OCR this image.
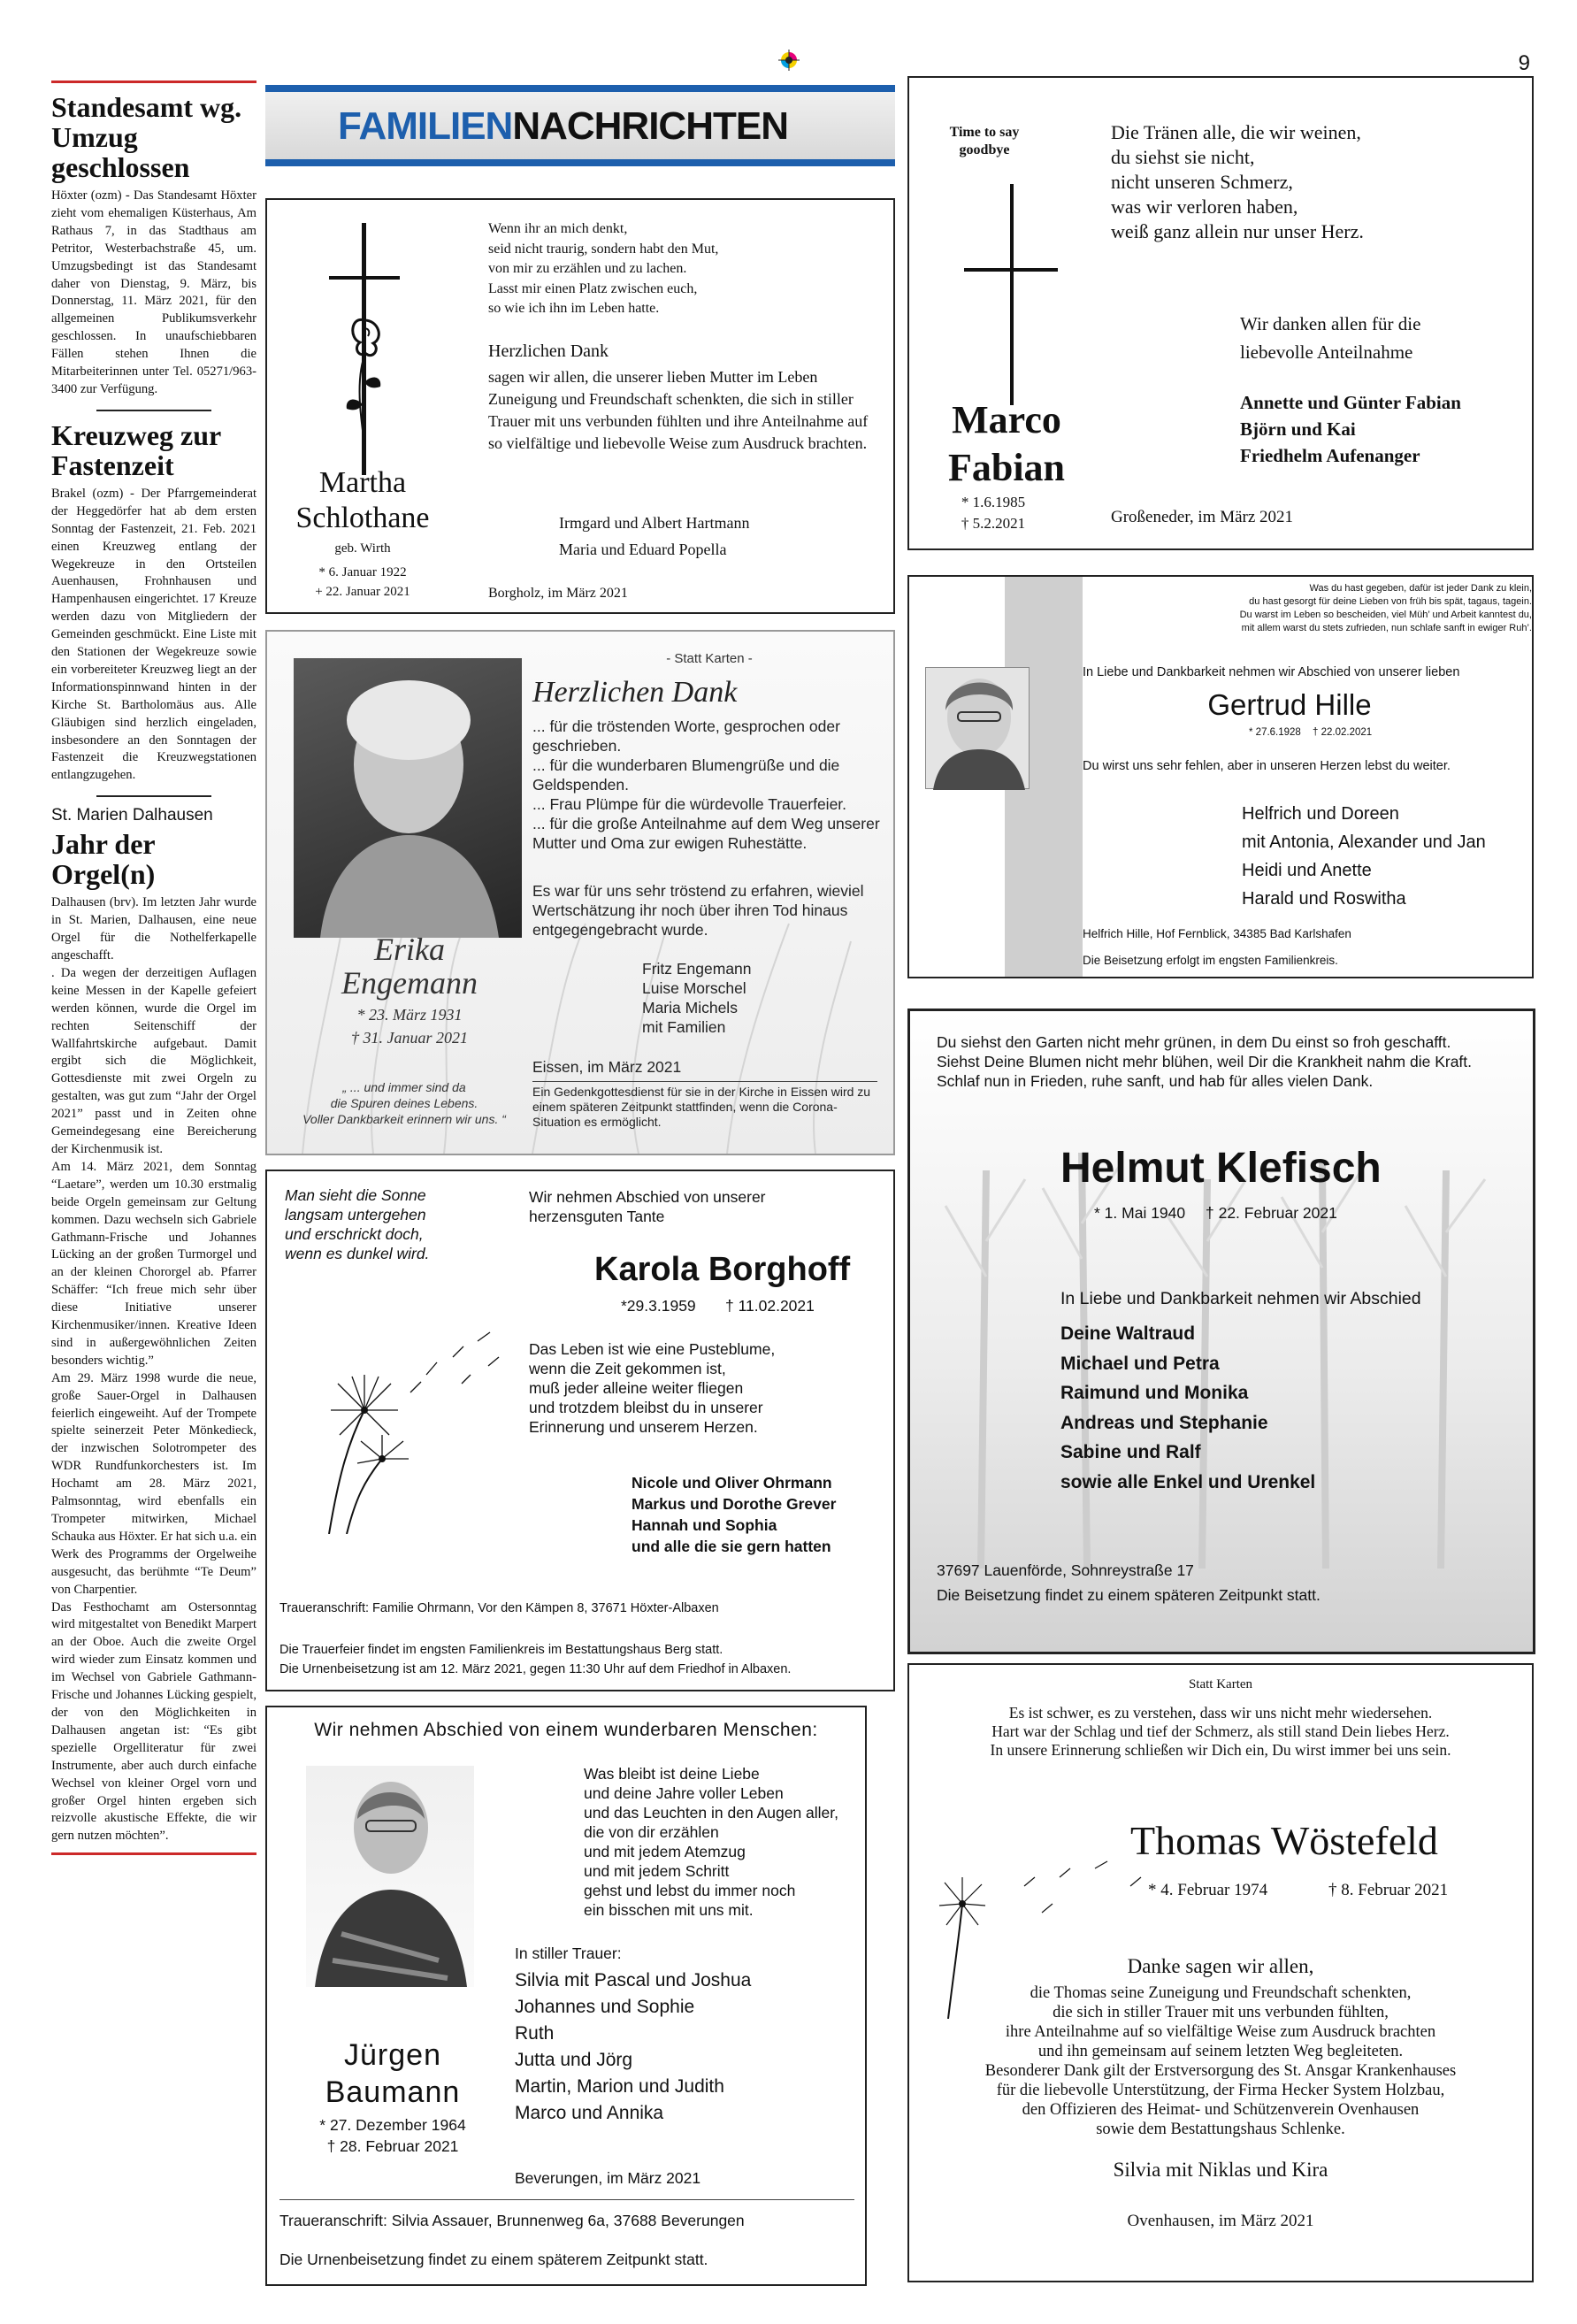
9
Standesamt wg. Umzug geschlossen
Höxter (ozm) - Das Standesamt Höxter zieht vom ehemaligen Küsterhaus, Am Rathaus 7, in das Stadthaus am Petritor, Westerbachstraße 45, um. Umzugsbedingt ist das Standesamt daher von Dienstag, 9. März, bis Donnerstag, 11. März 2021, für den allgemeinen Publikumsverkehr geschlossen. In unaufschiebbaren Fällen stehen Ihnen die Mitarbeiterinnen unter Tel. 05271/963-3400 zur Verfügung.
Kreuzweg zur Fastenzeit
Brakel (ozm) - Der Pfarrgemeinderat der Heggedörfer hat ab dem ersten Sonntag der Fastenzeit, 21. Feb. 2021 einen Kreuzweg entlang der Wegekreuze in den Ortsteilen Auenhausen, Frohnhausen und Hampenhausen eingerichtet. 17 Kreuze werden dazu von Mitgliedern der Gemeinden geschmückt. Eine Liste mit den Stationen der Wegekreuze sowie ein vorbereiteter Kreuzweg liegt an der Informationspinnwand hinten in der Kirche St. Bartholomäus aus. Alle Gläubigen sind herzlich eingeladen, insbesondere an den Sonntagen der Fastenzeit die Kreuzwegstationen entlangzugehen.
St. Marien Dalhausen
Jahr der Orgel(n)
Dalhausen (brv). Im letzten Jahr wurde in St. Marien, Dalhausen, eine neue Orgel für die Nothelferkapelle angeschafft.
. Da wegen der derzeitigen Auflagen keine Messen in der Kapelle gefeiert werden können, wurde die Orgel im rechten Seitenschiff der Wallfahrtskirche aufgebaut. Damit ergibt sich die Möglichkeit, Gottesdienste mit zwei Orgeln zu gestalten, was gut zum “Jahr der Orgel 2021” passt und in Zeiten ohne Gemeindegesang eine Bereicherung der Kirchenmusik ist.
Am 14. März 2021, dem Sonntag “Laetare”, werden um 10.30 erstmalig beide Orgeln gemeinsam zur Geltung kommen. Dazu wechseln sich Gabriele Gathmann-Frische und Johannes Lücking an der großen Turmorgel und an der kleinen Chororgel ab. Pfarrer Schäffer: “Ich freue mich sehr über diese Initiative unserer Kirchenmusiker/innen. Kreative Ideen sind in außergewöhnlichen Zeiten besonders wichtig.”
Am 29. März 1998 wurde die neue, große Sauer-Orgel in Dalhausen feierlich eingeweiht. Auf der Trompete spielte seinerzeit Peter Mönkedieck, der inzwischen Solotrompeter des WDR Rundfunkorchesters ist. Im Hochamt am 28. März 2021, Palmsonntag, wird ebenfalls ein Trompeter mitwirken, Michael Schauka aus Höxter. Er hat sich u.a. ein Werk des Programms der Orgelweihe ausgesucht, das berühmte “Te Deum” von Charpentier.
Das Festhochamt am Ostersonntag wird mitgestaltet von Benedikt Marpert an der Oboe. Auch die zweite Orgel wird wieder zum Einsatz kommen und im Wechsel von Gabriele Gathmann-Frische und Johannes Lücking gespielt, der von den Möglichkeiten in Dalhausen angetan ist: “Es gibt spezielle Orgelliteratur für zwei Instrumente, aber auch durch einfache Wechsel von kleiner Orgel vorn und großer Orgel hinten ergeben sich reizvolle akustische Effekte, die wir gern nutzen möchten”.
FAMILIENNACHRICHTEN
Martha
Schlothane
geb. Wirth
* 6. Januar 1922
+ 22. Januar 2021
Wenn ihr an mich denkt,
seid nicht traurig, sondern habt den Mut,
von mir zu erzählen und zu lachen.
Lasst mir einen Platz zwischen euch,
so wie ich ihn im Leben hatte.
Herzlichen Dank
sagen wir allen, die unserer lieben Mutter im Leben Zuneigung und Freundschaft schenkten, die sich in stiller Trauer mit uns verbunden fühlten und ihre Anteilnahme auf so vielfältige und liebevolle Weise zum Ausdruck brachten.
Irmgard und Albert Hartmann
Maria und Eduard Popella
Borgholz, im März 2021
- Statt Karten -
Herzlichen Dank
... für die tröstenden Worte, gesprochen oder geschrieben.
... für die wunderbaren Blumengrüße und die Geldspenden.
... Frau Plümpe für die würdevolle Trauerfeier.
... für die große Anteilnahme auf dem Weg unserer Mutter und Oma zur ewigen Ruhestätte.
Es war für uns sehr tröstend zu erfahren, wieviel Wertschätzung ihr noch über ihren Tod hinaus entgegengebracht wurde.
Erika
Engemann
* 23. März 1931
† 31. Januar 2021
„ ... und immer sind da
die Spuren deines Lebens.
Voller Dankbarkeit erinnern wir uns. “
Fritz Engemann
Luise Morschel
Maria Michels
mit Familien
Eissen, im März 2021
Ein Gedenkgottesdienst für sie in der Kirche in Eissen wird zu einem späteren Zeitpunkt stattfinden, wenn die Corona-Situation es ermöglicht.
Man sieht die Sonne
langsam untergehen
und erschrickt doch,
wenn es dunkel wird.
Wir nehmen Abschied von unserer
herzensguten Tante
Karola Borghoff
*29.3.1959 † 11.02.2021
Das Leben ist wie eine Pusteblume,
wenn die Zeit gekommen ist,
muß jeder alleine weiter fliegen
und trotzdem bleibst du in unserer
Erinnerung und unserem Herzen.
Nicole und Oliver Ohrmann
Markus und Dorothe Grever
Hannah und Sophia
und alle die sie gern hatten
Traueranschrift: Familie Ohrmann, Vor den Kämpen 8, 37671 Höxter-Albaxen
Die Trauerfeier findet im engsten Familienkreis im Bestattungshaus Berg statt.
Die Urnenbeisetzung ist am 12. März 2021, gegen 11:30 Uhr auf dem Friedhof in Albaxen.
Wir nehmen Abschied von einem wunderbaren Menschen:
Jürgen
Baumann
* 27. Dezember 1964
† 28. Februar 2021
Was bleibt ist deine Liebe
und deine Jahre voller Leben
und das Leuchten in den Augen aller,
die von dir erzählen
und mit jedem Atemzug
und mit jedem Schritt
gehst und lebst du immer noch
ein bisschen mit uns mit.
In stiller Trauer:
Silvia mit Pascal und Joshua
Johannes und Sophie
Ruth
Jutta und Jörg
Martin, Marion und Judith
Marco und Annika
Beverungen, im März 2021
Traueranschrift: Silvia Assauer, Brunnenweg 6a, 37688 Beverungen
Die Urnenbeisetzung findet zu einem späterem Zeitpunkt statt.
Time to say
goodbye
Marco
Fabian
* 1.6.1985
† 5.2.2021
Die Tränen alle, die wir weinen,
du siehst sie nicht,
nicht unseren Schmerz,
was wir verloren haben,
weiß ganz allein nur unser Herz.
Wir danken allen für die
liebevolle Anteilnahme
Annette und Günter Fabian
Björn und Kai
Friedhelm Aufenanger
Großeneder, im März 2021
Was du hast gegeben, dafür ist jeder Dank zu klein,
du hast gesorgt für deine Lieben von früh bis spät, tagaus, tagein.
Du warst im Leben so bescheiden, viel Müh’ und Arbeit kanntest du,
mit allem warst du stets zufrieden, nun schlafe sanft in ewiger Ruh’.
In Liebe und Dankbarkeit nehmen wir Abschied von unserer lieben
Gertrud Hille
* 27.6.1928 † 22.02.2021
Du wirst uns sehr fehlen, aber in unseren Herzen lebst du weiter.
Helfrich und Doreen
mit Antonia, Alexander und Jan
Heidi und Anette
Harald und Roswitha
Helfrich Hille, Hof Fernblick, 34385 Bad Karlshafen
Die Beisetzung erfolgt im engsten Familienkreis.
Du siehst den Garten nicht mehr grünen, in dem Du einst so froh geschafft.
Siehst Deine Blumen nicht mehr blühen, weil Dir die Krankheit nahm die Kraft.
Schlaf nun in Frieden, ruhe sanft, und hab für alles vielen Dank.
Helmut Klefisch
* 1. Mai 1940 † 22. Februar 2021
In Liebe und Dankbarkeit nehmen wir Abschied
Deine Waltraud
Michael und Petra
Raimund und Monika
Andreas und Stephanie
Sabine und Ralf
sowie alle Enkel und Urenkel
37697 Lauenförde, Sohnreystraße 17
Die Beisetzung findet zu einem späteren Zeitpunkt statt.
Statt Karten
Es ist schwer, es zu verstehen, dass wir uns nicht mehr wiedersehen.
Hart war der Schlag und tief der Schmerz, als still stand Dein liebes Herz.
In unsere Erinnerung schließen wir Dich ein, Du wirst immer bei uns sein.
Thomas Wöstefeld
* 4. Februar 1974	† 8. Februar 2021
Danke sagen wir allen,
die Thomas seine Zuneigung und Freundschaft schenkten,
die sich in stiller Trauer mit uns verbunden fühlten,
ihre Anteilnahme auf so vielfältige Weise zum Ausdruck brachten
und ihn gemeinsam auf seinem letzten Weg begleiteten.
Besonderer Dank gilt der Erstversorgung des St. Ansgar Krankenhauses
für die liebevolle Unterstützung, der Firma Hecker System Holzbau,
den Offizieren des Heimat- und Schützenverein Ovenhausen
sowie dem Bestattungshaus Schlenke.
Silvia mit Niklas und Kira
Ovenhausen, im März 2021
